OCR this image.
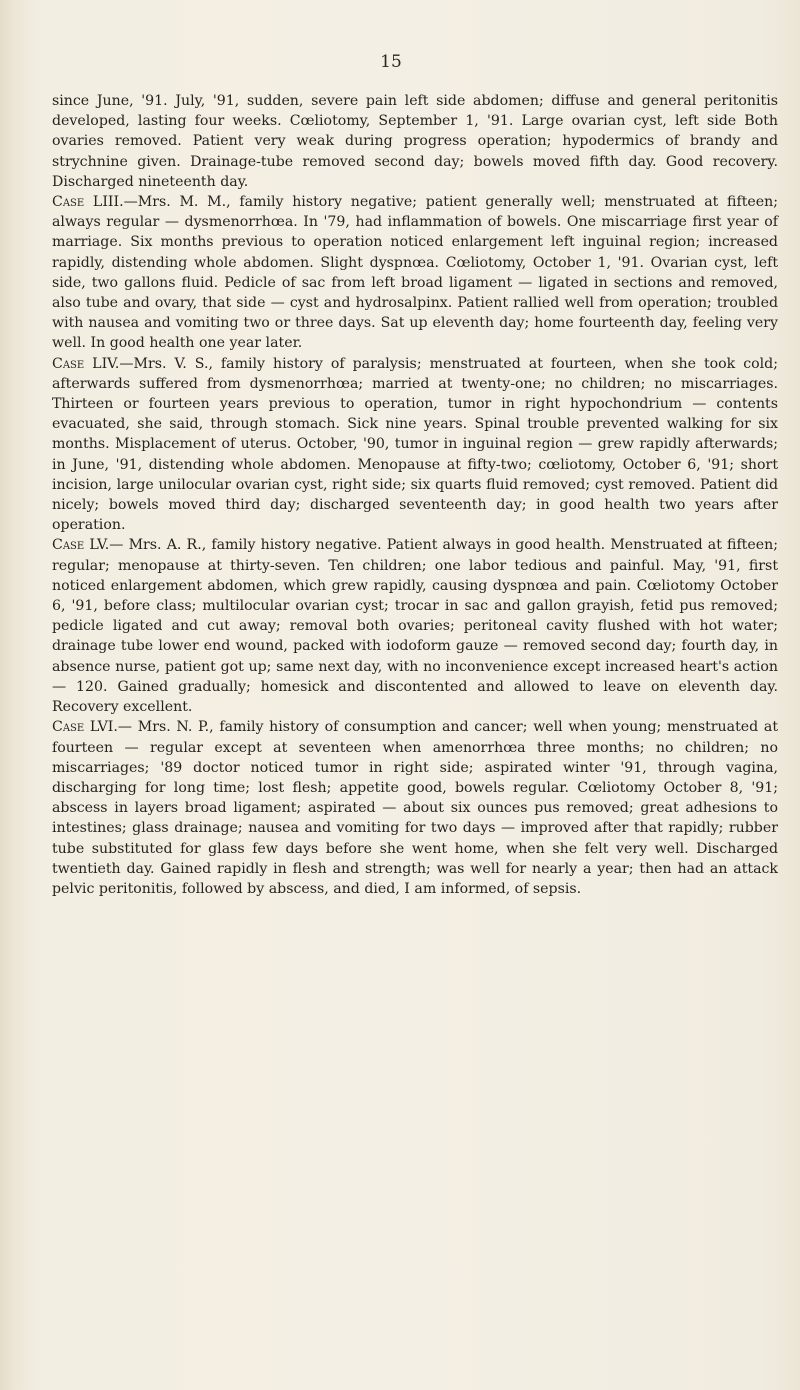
15

since June, '91. July, '91, sudden, severe pain left side abdomen; diffuse and general peritonitis developed, lasting four weeks. Cœliotomy, September 1, '91. Large ovarian cyst, left side Both ovaries removed. Patient very weak during progress operation; hypodermics of brandy and strychnine given. Drainage-tube removed second day; bowels moved fifth day. Good recovery. Discharged nineteenth day.

Case LIII.—Mrs. M. M., family history negative; patient generally well; menstruated at fifteen; always regular — dysmenorrhœa. In '79, had inflammation of bowels. One miscarriage first year of marriage. Six months previous to operation noticed enlargement left inguinal region; increased rapidly, distending whole abdomen. Slight dyspnœa. Cœliotomy, October 1, '91. Ovarian cyst, left side, two gallons fluid. Pedicle of sac from left broad ligament — ligated in sections and removed, also tube and ovary, that side — cyst and hydrosalpinx. Patient rallied well from operation; troubled with nausea and vomiting two or three days. Sat up eleventh day; home fourteenth day, feeling very well. In good health one year later.

Case LIV.—Mrs. V. S., family history of paralysis; menstruated at fourteen, when she took cold; afterwards suffered from dysmenorrhœa; married at twenty-one; no children; no miscarriages. Thirteen or fourteen years previous to operation, tumor in right hypochondrium — contents evacuated, she said, through stomach. Sick nine years. Spinal trouble prevented walking for six months. Misplacement of uterus. October, '90, tumor in inguinal region — grew rapidly afterwards; in June, '91, distending whole abdomen. Menopause at fifty-two; cœliotomy, October 6, '91; short incision, large unilocular ovarian cyst, right side; six quarts fluid removed; cyst removed. Patient did nicely; bowels moved third day; discharged seventeenth day; in good health two years after operation.

Case LV.— Mrs. A. R., family history negative. Patient always in good health. Menstruated at fifteen; regular; menopause at thirty-seven. Ten children; one labor tedious and painful. May, '91, first noticed enlargement abdomen, which grew rapidly, causing dyspnœa and pain. Cœliotomy October 6, '91, before class; multilocular ovarian cyst; trocar in sac and gallon grayish, fetid pus removed; pedicle ligated and cut away; removal both ovaries; peritoneal cavity flushed with hot water; drainage tube lower end wound, packed with iodoform gauze — removed second day; fourth day, in absence nurse, patient got up; same next day, with no inconvenience except increased heart's action — 120. Gained gradually; homesick and discontented and allowed to leave on eleventh day. Recovery excellent.

Case LVI.— Mrs. N. P., family history of consumption and cancer; well when young; menstruated at fourteen — regular except at seventeen when amenorrhœa three months; no children; no miscarriages; '89 doctor noticed tumor in right side; aspirated winter '91, through vagina, discharging for long time; lost flesh; appetite good, bowels regular. Cœliotomy October 8, '91; abscess in layers broad ligament; aspirated — about six ounces pus removed; great adhesions to intestines; glass drainage; nausea and vomiting for two days — improved after that rapidly; rubber tube substituted for glass few days before she went home, when she felt very well. Discharged twentieth day. Gained rapidly in flesh and strength; was well for nearly a year; then had an attack pelvic peritonitis, followed by abscess, and died, I am informed, of sepsis.
